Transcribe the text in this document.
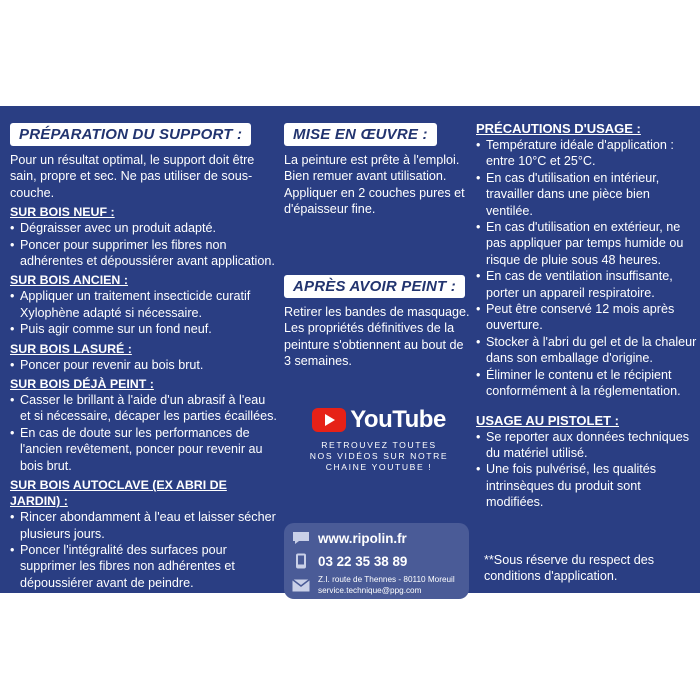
PRÉPARATION DU SUPPORT :

Pour un résultat optimal, le support doit être sain, propre et sec. Ne pas utiliser de sous-couche.

SUR BOIS NEUF :
• Dégraisser avec un produit adapté.
• Poncer pour supprimer les fibres non adhérentes et dépoussiérer avant application.
SUR BOIS ANCIEN :
• Appliquer un traitement insecticide curatif Xylophène adapté si nécessaire.
• Puis agir comme sur un fond neuf.
SUR BOIS LASURÉ :
• Poncer pour revenir au bois brut.
SUR BOIS DÉJÀ PEINT :
• Casser le brillant à l'aide d'un abrasif à l'eau et si nécessaire, décaper les parties écaillées.
• En cas de doute sur les performances de l'ancien revêtement, poncer pour revenir au bois brut.
SUR BOIS AUTOCLAVE (EX ABRI DE JARDIN) :
• Rincer abondamment à l'eau et laisser sécher plusieurs jours.
• Poncer l'intégralité des surfaces pour supprimer les fibres non adhérentes et dépoussiérer avant de peindre.
MISE EN ŒUVRE :

La peinture est prête à l'emploi. Bien remuer avant utilisation. Appliquer en 2 couches pures et d'épaisseur fine.

APRÈS AVOIR PEINT :

Retirer les bandes de masquage. Les propriétés définitives de la peinture s'obtiennent au bout de 3 semaines.

YouTube
RETROUVEZ TOUTES
NOS VIDÉOS SUR NOTRE
CHAINE YOUTUBE !
www.ripolin.fr
03 22 35 38 89
Z.I. route de Thennes - 80110 Moreuil
service.technique@ppg.com
PRÉCAUTIONS D'USAGE :
• Température idéale d'application : entre 10°C et 25°C.
• En cas d'utilisation en intérieur, travailler dans une pièce bien ventilée.
• En cas d'utilisation en extérieur, ne pas appliquer par temps humide ou risque de pluie sous 48 heures.
• En cas de ventilation insuffisante, porter un appareil respiratoire.
• Peut être conservé 12 mois après ouverture.
• Stocker à l'abri du gel et de la chaleur dans son emballage d'origine.
• Éliminer le contenu et le récipient conformément à la réglementation.
USAGE AU PISTOLET :
• Se reporter aux données techniques du matériel utilisé.
• Une fois pulvérisé, les qualités intrinsèques du produit sont modifiées.

**Sous réserve du respect des conditions d'application.
